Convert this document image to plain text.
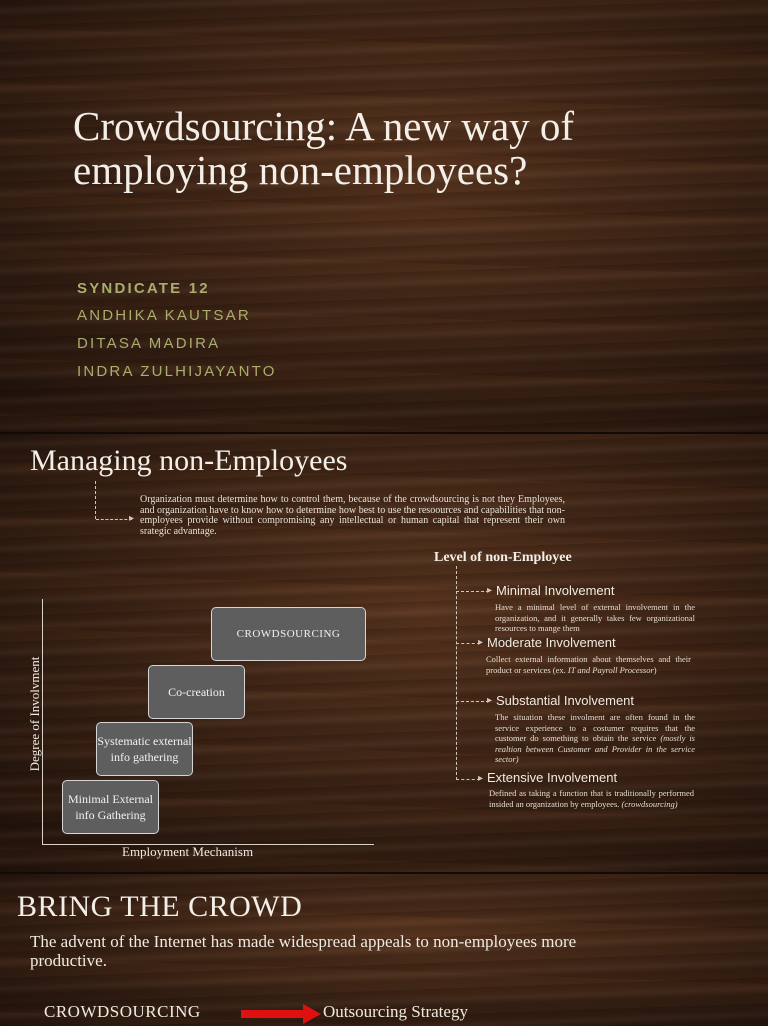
Crowdsourcing: A new way of employing non-employees?
SYNDICATE 12
ANDHIKA KAUTSAR
DITASA MADIRA
INDRA ZULHIJAYANTO
Managing non-Employees
▸
Organization must determine how to control them, because of the crowdsourcing is not they Employees, and organization have to know how to determine how best to use the resoources and capabilities that non-employees provide without compromising any intellectual or human capital that represent their own srategic advantage.
Degree of Involvment
Employment Mechanism
Minimal External info Gathering
Systematic external info gathering
Co-creation
CROWDSOURCING
Level of non-Employee
▸ Minimal Involvement
Have a minimal level of external involvement in the organization, and it generally takes few organizational resources to mange them
▸ Moderate Involvement
Collect external information about themselves and their product or services (ex. IT and Payroll Processor)
▸ Substantial Involvement
The situation these involment are often found in the service experience to a costumer requires that the customer do something to obtain the service (mostly is realtion between Customer and Provider in the service sector)
▸ Extensive Involvement
Defined as taking a function that is traditionally performed insided an organization by employees. (crowdsourcing)
BRING THE CROWD
The advent of the Internet has made widespread appeals to non-employees more productive.
CROWDSOURCING	Outsourcing Strategy
